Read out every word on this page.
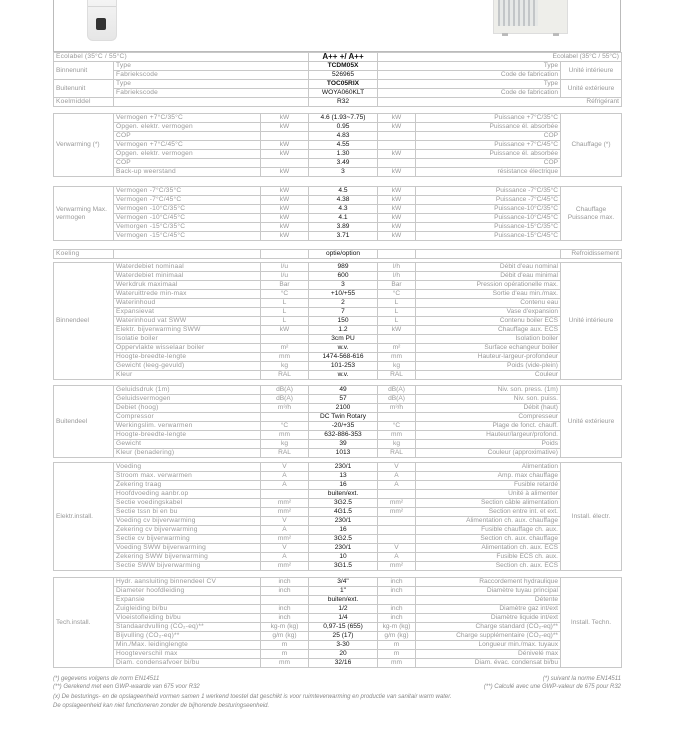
Ecolabel (35°C / 55°C)		A++ +/ A++	Ecolabel (35°C / 55°C)	
Binnenunit	Type	TCDM05X	Type	Unité intérieure
	Fabriekscode	526965	Code de fabrication	
Buitenunit	Type	TOC05RIX	Type	Unité extérieure
	Fabriekscode	WOYA060KLT	Code de fabrication	
Koelmiddel		R32	Réfrigérant	
Verwarming (*)	Vermogen +7°C/35°C	kW	4.6 (1.93~7.75)	kW	Puissance +7°C/35°C	Chauffage (*)
	Opgen. elektr. vermogen	kW	0.95	kW	Puissance él. absorbée	
	COP		4.83		COP	
	Vermogen +7°C/45°C	kW	4.55		Puissance +7°C/45°C	
	Opgen. elektr. vermogen	kW	1.30	kW	Puissance él. absorbée	
	COP		3.49		COP	
	Back-up weerstand	kW	3	kW	résistance électrique	
Verwarming Max. vermogen	Vermogen -7°C/35°C	kW	4.5	kW	Puissance -7°C/35°C	Chauffage Puissance max.
	Vermogen -7°C/45°C	kW	4.38	kW	Puissance -7°C/45°C	
	Vermogen -10°C/35°C	kW	4.3	kW	Puissance-10°C/35°C	
	Vermogen -10°C/45°C	kW	4.1	kW	Puissance-10°C/45°C	
	Vemorgen -15°C/35°C	kW	3.89	kW	Puissance-15°C/35°C	
	Vermogen -15°C/45°C	kW	3.71	kW	Puissance-15°C/45°C	
Koeling			optie/option			Refroidissement
Binnendeel	Waterdebiet nominaal	l/u	989	l/h	Débit d'eau nominal	Unité intérieure
	Waterdebiet minimaal	l/u	600	l/h	Débit d'eau minimal	
	Werkdruk maximaal	Bar	3	Bar	Pression opérationelle max.	
	Wateruittrede min-max	°C	+10/+55	°C	Sortie d'eau min./max.	
	Waterinhoud	L	2	L	Contenu eau	
	Expansievat	L	7	L	Vase d'expansion	
	Waterinhoud vat SWW	L	150	L	Contenu boiler ECS	
	Elektr. bijverwarming SWW	kW	1.2	kW	Chauffage aux. ECS	
	Isolatie boiler		3cm PU		Isolation boiler	
	Oppervlakte wisselaar boiler	m²	w.v.	m²	Surface echangeur boiler	
	Hoogte-breedte-lengte	mm	1474-568-616	mm	Hauteur-largeur-profondeur	
	Gewicht (leeg-gevuld)	kg	101-253	kg	Poids (vide-plein)	
	Kleur	RAL	w.v.	RAL	Couleur	
Buitendeel	Geluidsdruk (1m)	dB(A)	49	dB(A)	Niv. son. press. (1m)	Unité extérieure
	Geluidsvermogen	dB(A)	57	dB(A)	Niv. son. puiss.	
	Debiet (hoog)	m³/h	2100	m³/h	Débit (haut)	
	Compressor		DC Twin Rotary		Compresseur	
	Werkingslim. verwarmen	°C	-20/+35	°C	Plage de fonct. chauff.	
	Hoogte-breedte-lengte	mm	632-886-353	mm	Hauteur/largeur/profond.	
	Gewicht	kg	39	kg	Poids	
	Kleur (benadering)	RAL	1013	RAL	Couleur (approximative)	
Elektr.install.	Voeding	V	230/1	V	Alimentation	Install. électr.
	Stroom max. verwarmen	A	13	A	Amp. max chauffage	
	Zekering traag	A	16	A	Fusible retardé	
	Hoofdvoeding aanbr.op		buiten/ext.		Unité à alimenter	
	Sectie voedingskabel	mm²	3G2.5	mm²	Section câble alimentation	
	Sectie tssn bi en bu	mm²	4G1.5	mm²	Section entre int. et ext.	
	Voeding cv bijverwarming	V	230/1		Alimentation ch. aux. chauffage	
	Zekering cv bijverwarming	A	16		Fusible chauffage ch. aux.	
	Sectie cv bijverwarming	mm²	3G2.5		Section ch. aux. chauffage	
	Voeding SWW bijverwarming	V	230/1	V	Alimentation ch. aux. ECS	
	Zekering SWW bijverwarming	A	10	A	Fusible ECS ch. aux.	
	Sectie SWW bijverwarming	mm²	3G1.5	mm²	Section ch. aux. ECS	
Tech.install.	Hydr. aansluiting binnendeel CV	inch	3/4"	inch	Raccordement hydraulique	Install. Techn.
	Diameter hoofdleiding	inch	1"	inch	Diamètre tuyau principal	
	Expansie		buiten/ext.		Détente	
	Zuigleiding bi/bu	inch	1/2	inch	Diamètre gaz int/ext	
	Vloeistofleiding bi/bu	inch	1/4	inch	Diamètre liquide int/ext	
	Standaardvulling (CO₂-eq)**	kg-m (kg)	0,97-15 (655)	kg-m (kg)	Charge standard (CO₂-eq)**	
	Bijvulling (CO₂-eq)**	g/m (kg)	25 (17)	g/m (kg)	Charge supplémentaire (CO₂-eq)**	
	Min./Max. leidinglengte	m	3-30	m	Longueur min./max. tuyaux	
	Hoogteverschil max	m	20	m	Dénivelé max	
	Diam. condensafvoer bi/bu	mm	32/16	mm	Diam. évac. condensat bi/bu	
(*) gegevens volgens de norm EN14511	(*) suivant la norme EN14511
(**) Gerekend met een GWP-waarde van 675 voor R32	(**) Calculé avec une GWP-valeur de 675 pour R32
(x) De besturings- en de opslageenheid vormen samen 1 werkend toestel dat geschikt is voor ruimteverwarming en productie van sanitair warm water.
De opslageenheid kan niet functioneren zonder de bijhorende besturingseenheid.
